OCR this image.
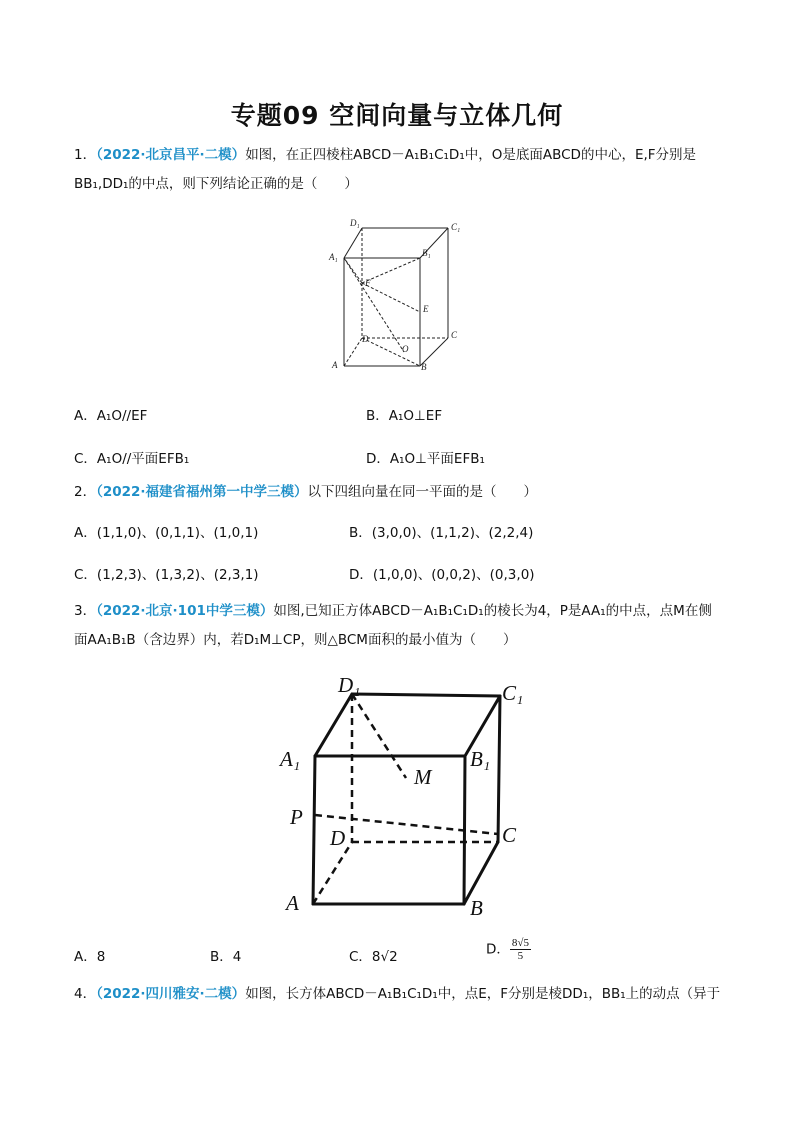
专题09 空间向量与立体几何
1．（2022·北京昌平·二模）如图，在正四棱柱ABCD－A₁B₁C₁D₁中，O是底面ABCD的中心，E,F分别是
BB₁,DD₁的中点，则下列结论正确的是（　　）
D₁	C₁
A₁	B₁
F
E
C
D
O
A	B
A．A₁O//EF	B．A₁O⊥EF
C．A₁O//平面EFB₁	D．A₁O⊥平面EFB₁
2．（2022·福建省福州第一中学三模）以下四组向量在同一平面的是（　　）
A．(1,1,0)、(0,1,1)、(1,0,1)	B．(3,0,0)、(1,1,2)、(2,2,4)
C．(1,2,3)、(1,3,2)、(2,3,1)	D．(1,0,0)、(0,0,2)、(0,3,0)
3．（2022·北京·101中学三模）如图,已知正方体ABCD－A₁B₁C₁D₁的棱长为4，P是AA₁的中点，点M在侧
面AA₁B₁B（含边界）内，若D₁M⊥CP，则△BCM面积的最小值为（　　）
D₁	C₁
A₁	B₁
M
P
D	C
A	B
A．8	B．4	C．8√2	D． $\frac{8√5}{5}$
4．（2022·四川雅安·二模）如图，长方体ABCD－A₁B₁C₁D₁中，点E，F分别是棱DD₁，BB₁上的动点（异于
